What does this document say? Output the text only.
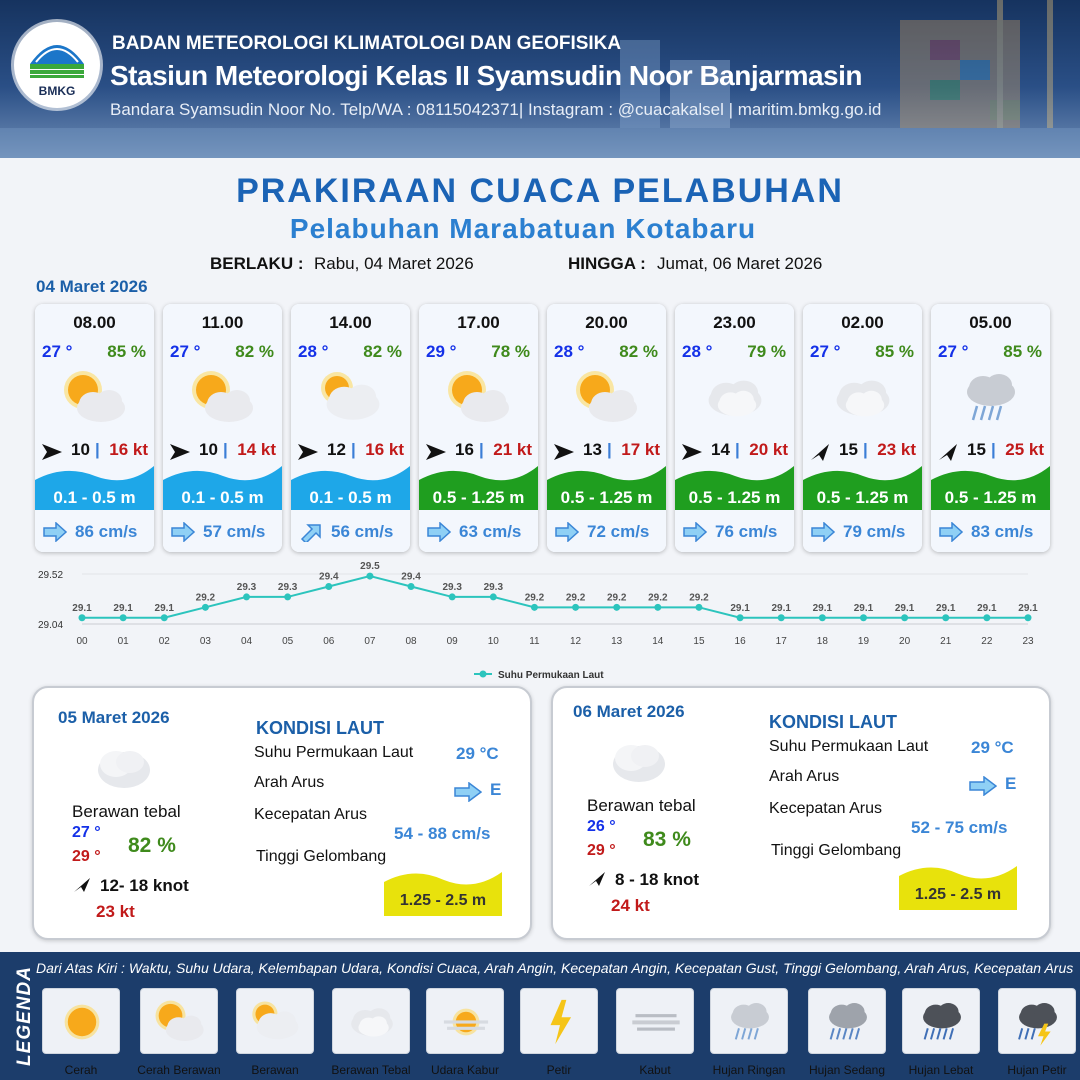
BMKG
BADAN METEOROLOGI KLIMATOLOGI DAN GEOFISIKA
Stasiun Meteorologi Kelas II Syamsudin Noor Banjarmasin
Bandara Syamsudin Noor No. Telp/WA : 08115042371| Instagram : @cuacakalsel | maritim.bmkg.go.id
PRAKIRAAN CUACA PELABUHAN
Pelabuhan Marabatuan Kotabaru
BERLAKU : Rabu, 04 Maret 2026	HINGGA : Jumat, 06 Maret 2026
04 Maret 2026
08.00
27 ° 85 %
10 | 16 kt
0.1 - 0.5 m
86 cm/s
11.00
27 ° 82 %
10 | 14 kt
0.1 - 0.5 m
57 cm/s
14.00
28 ° 82 %
12 | 16 kt
0.1 - 0.5 m
56 cm/s
17.00
29 ° 78 %
16 | 21 kt
0.5 - 1.25 m
63 cm/s
20.00
28 ° 82 %
13 | 17 kt
0.5 - 1.25 m
72 cm/s
23.00
28 ° 79 %
14 | 20 kt
0.5 - 1.25 m
76 cm/s
02.00
27 ° 85 %
15 | 23 kt
0.5 - 1.25 m
79 cm/s
05.00
27 ° 85 %
15 | 25 kt
0.5 - 1.25 m
83 cm/s
29.52
29.04
29.1
00
29.1
01
29.1
02
29.2
03
29.3
04
29.3
05
29.4
06
29.5
07
29.4
08
29.3
09
29.3
10
29.2
11
29.2
12
29.2
13
29.2
14
29.2
15
29.1
16
29.1
17
29.1
18
29.1
19
29.1
20
29.1
21
29.1
22
29.1
23
Suhu Permukaan Laut
05 Maret 2026
Berawan tebal
27 °
29 ° 82 %
12- 18 knot
23 kt
KONDISI LAUT
Suhu Permukaan Laut	29 °C
Arah Arus	E
Kecepatan Arus
54 - 88 cm/s
Tinggi Gelombang
1.25 - 2.5 m
06 Maret 2026
Berawan tebal
26 °
29 ° 83 %
8 - 18 knot
24 kt
KONDISI LAUT
Suhu Permukaan Laut	29 °C
Arah Arus	E
Kecepatan Arus
52 - 75 cm/s
Tinggi Gelombang
1.25 - 2.5 m
LEGENDA Dari Atas Kiri : Waktu, Suhu Udara, Kelembapan Udara, Kondisi Cuaca, Arah Angin, Kecepatan Angin, Kecepatan Gust, Tinggi Gelombang, Arah Arus, Kecepatan Arus
Cerah	Cerah Berawan	Berawan	Berawan Tebal	Udara Kabur	Petir	Kabut	Hujan Ringan	Hujan Sedang	Hujan Lebat	Hujan Petir
